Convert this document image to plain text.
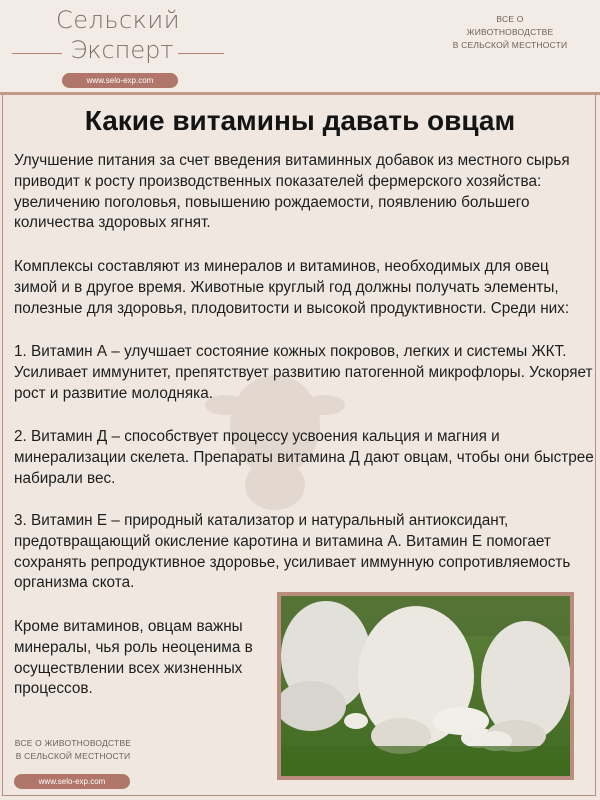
Сельский
Эксперт
www.selo-exp.com
ВСЕ О ЖИВОТНОВОДСТВЕ
В СЕЛЬСКОЙ МЕСТНОСТИ
Какие витамины давать овцам
Улучшение питания за счет введения витаминных добавок из местного сырья приводит к росту производственных показателей фермерского хозяйства: увеличению поголовья, повышению рождаемости, появлению большего количества здоровых ягнят.
Комплексы составляют из минералов и витаминов, необходимых для овец зимой и в другое время. Животные круглый год должны получать элементы, полезные для здоровья, плодовитости и высокой продуктивности. Среди них:
1. Витамин А – улучшает состояние кожных покровов, легких и системы ЖКТ. Усиливает иммунитет, препятствует развитию патогенной микрофлоры. Ускоряет рост и развитие молодняка.
2. Витамин Д – способствует процессу усвоения кальция и магния и минерализации скелета. Препараты витамина Д дают овцам, чтобы они быстрее набирали вес.
3. Витамин Е – природный катализатор и натуральный антиоксидант, предотвращающий окисление каротина и витамина А. Витамин Е помогает сохранять репродуктивное здоровье, усиливает иммунную сопротивляемость организма скота.
Кроме витаминов, овцам важны минералы, чья роль неоценима в осуществлении всех жизненных процессов.
ВСЕ О ЖИВОТНОВОДСТВЕ
В СЕЛЬСКОЙ МЕСТНОСТИ
www.selo-exp.com
